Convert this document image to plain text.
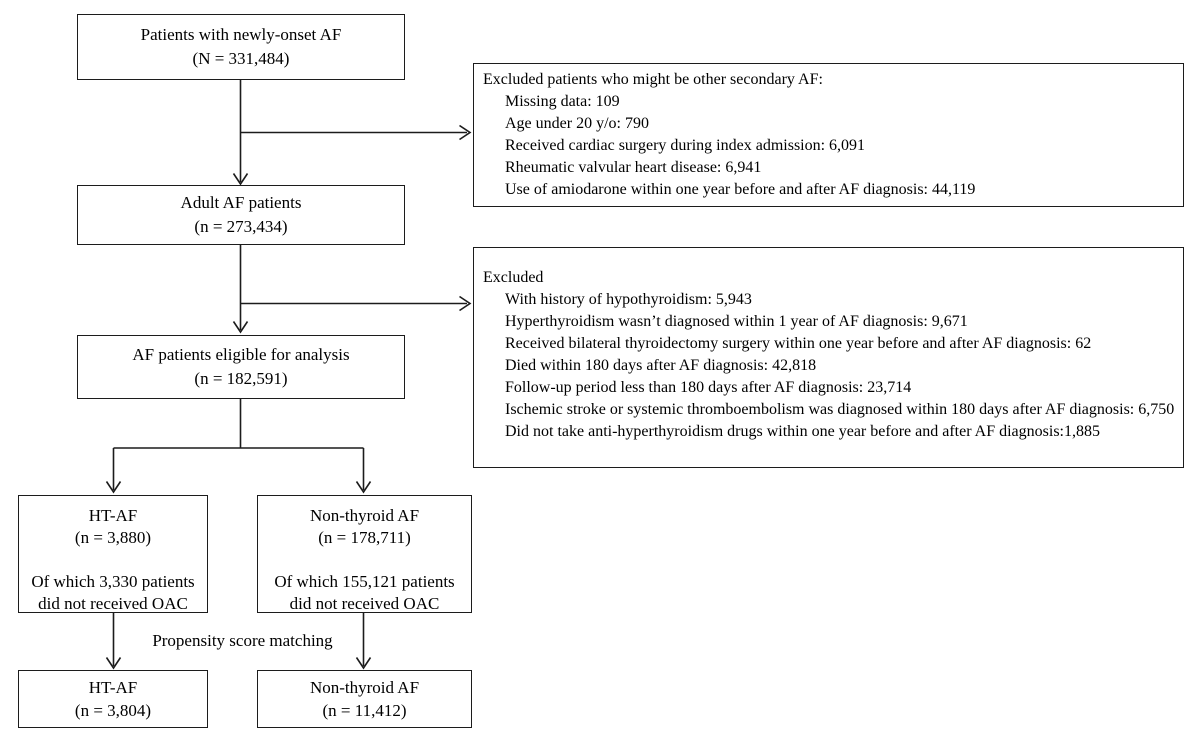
Patients with newly-onset AF
(N = 331,484)
Adult AF patients
(n = 273,434)
AF patients eligible for analysis
(n = 182,591)
Excluded patients who might be other secondary AF:
Missing data: 109
Age under 20 y/o: 790
Received cardiac surgery during index admission: 6,091
Rheumatic valvular heart disease: 6,941
Use of amiodarone within one year before and after AF diagnosis: 44,119
Excluded
With history of hypothyroidism: 5,943
Hyperthyroidism wasn’t diagnosed within 1 year of AF diagnosis: 9,671
Received bilateral thyroidectomy surgery within one year before and after AF diagnosis: 62
Died within 180 days after AF diagnosis: 42,818
Follow-up period less than 180 days after AF diagnosis: 23,714
Ischemic stroke or systemic thromboembolism was diagnosed within 180 days after AF diagnosis: 6,750
Did not take anti-hyperthyroidism drugs within one year before and after AF diagnosis:1,885
HT-AF
(n = 3,880)
Of which 3,330 patients
did not received OAC
Non-thyroid AF
(n = 178,711)
Of which 155,121 patients
did not received OAC
Propensity score matching
HT-AF
(n = 3,804)
Non-thyroid AF
(n = 11,412)
